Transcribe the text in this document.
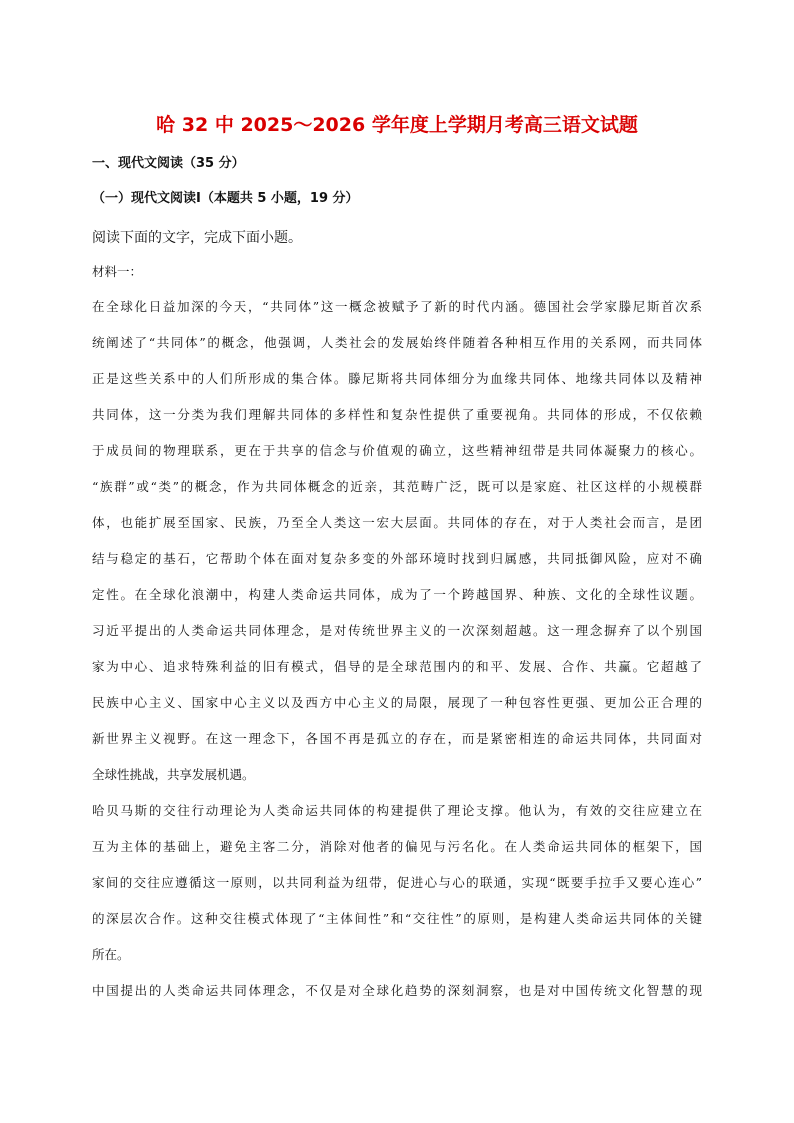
哈 32 中 2025～2026 学年度上学期月考高三语文试题
一、现代文阅读（35 分）
（一）现代文阅读Ⅰ（本题共 5 小题，19 分）
阅读下面的文字，完成下面小题。
材料一：
在全球化日益加深的今天，“共同体”这一概念被赋予了新的时代内涵。德国社会学家滕尼斯首次系
统阐述了“共同体”的概念，他强调，人类社会的发展始终伴随着各种相互作用的关系网，而共同体
正是这些关系中的人们所形成的集合体。滕尼斯将共同体细分为血缘共同体、地缘共同体以及精神
共同体，这一分类为我们理解共同体的多样性和复杂性提供了重要视角。共同体的形成，不仅依赖
于成员间的物理联系，更在于共享的信念与价值观的确立，这些精神纽带是共同体凝聚力的核心。
“族群”或“类”的概念，作为共同体概念的近亲，其范畴广泛，既可以是家庭、社区这样的小规模群
体，也能扩展至国家、民族，乃至全人类这一宏大层面。共同体的存在，对于人类社会而言，是团
结与稳定的基石，它帮助个体在面对复杂多变的外部环境时找到归属感，共同抵御风险，应对不确
定性。在全球化浪潮中，构建人类命运共同体，成为了一个跨越国界、种族、文化的全球性议题。
习近平提出的人类命运共同体理念，是对传统世界主义的一次深刻超越。这一理念摒弃了以个别国
家为中心、追求特殊利益的旧有模式，倡导的是全球范围内的和平、发展、合作、共赢。它超越了
民族中心主义、国家中心主义以及西方中心主义的局限，展现了一种包容性更强、更加公正合理的
新世界主义视野。在这一理念下，各国不再是孤立的存在，而是紧密相连的命运共同体，共同面对
全球性挑战，共享发展机遇。
哈贝马斯的交往行动理论为人类命运共同体的构建提供了理论支撑。他认为，有效的交往应建立在
互为主体的基础上，避免主客二分，消除对他者的偏见与污名化。在人类命运共同体的框架下，国
家间的交往应遵循这一原则，以共同利益为纽带，促进心与心的联通，实现“既要手拉手又要心连心”
的深层次合作。这种交往模式体现了“主体间性”和“交往性”的原则，是构建人类命运共同体的关键
所在。
中国提出的人类命运共同体理念，不仅是对全球化趋势的深刻洞察，也是对中国传统文化智慧的现
